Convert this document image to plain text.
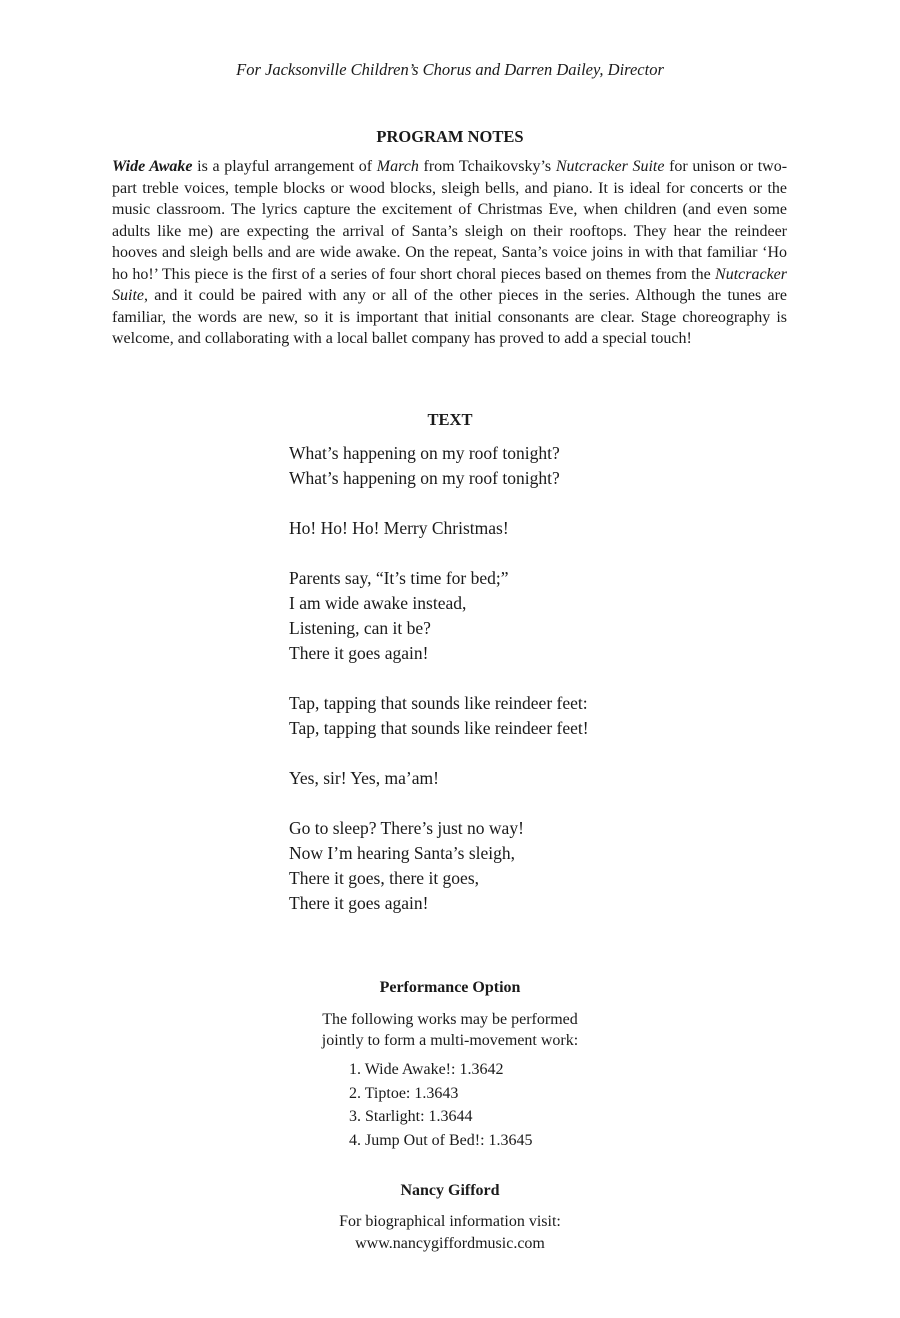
For Jacksonville Children’s Chorus and Darren Dailey, Director
PROGRAM NOTES

Wide Awake is a playful arrangement of March from Tchaikovsky’s Nutcracker Suite for unison or two-part treble voices, temple blocks or wood blocks, sleigh bells, and piano. It is ideal for concerts or the music classroom. The lyrics capture the excitement of Christmas Eve, when children (and even some adults like me) are expecting the arrival of Santa’s sleigh on their rooftops. They hear the reindeer hooves and sleigh bells and are wide awake. On the repeat, Santa’s voice joins in with that familiar ‘Ho ho ho!’ This piece is the first of a series of four short choral pieces based on themes from the Nutcracker Suite, and it could be paired with any or all of the other pieces in the series. Although the tunes are familiar, the words are new, so it is important that initial consonants are clear. Stage choreography is welcome, and collaborating with a local ballet company has proved to add a special touch!

TEXT
What’s happening on my roof tonight?
What’s happening on my roof tonight?
Ho! Ho! Ho! Merry Christmas!
Parents say, “It’s time for bed;”
I am wide awake instead,
Listening, can it be?
There it goes again!
Tap, tapping that sounds like reindeer feet:
Tap, tapping that sounds like reindeer feet!
Yes, sir! Yes, ma’am!
Go to sleep? There’s just no way!
Now I’m hearing Santa’s sleigh,
There it goes, there it goes,
There it goes again!
Performance Option
The following works may be performed
jointly to form a multi-movement work:
1. Wide Awake!: 1.3642
2. Tiptoe: 1.3643
3. Starlight: 1.3644
4. Jump Out of Bed!: 1.3645
Nancy Gifford
For biographical information visit:
www.nancygiffordmusic.com
